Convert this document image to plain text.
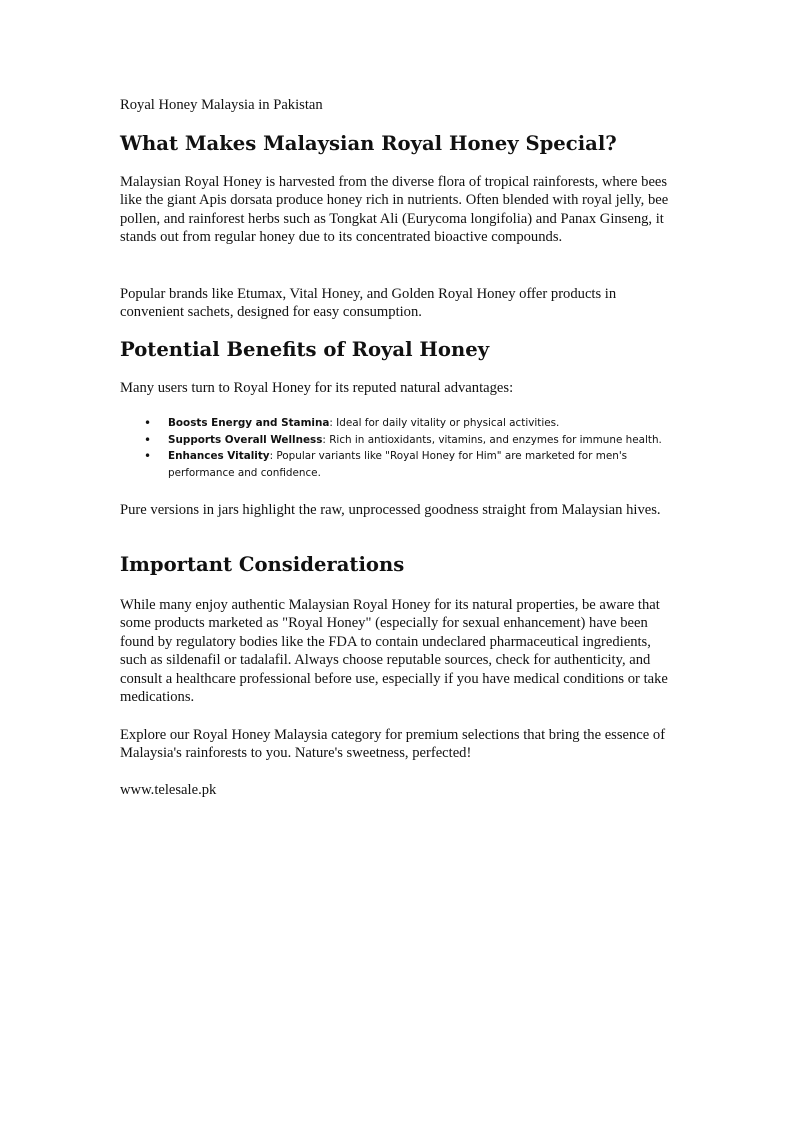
Royal Honey Malaysia in Pakistan

What Makes Malaysian Royal Honey Special?

Malaysian Royal Honey is harvested from the diverse flora of tropical rainforests, where bees like the giant Apis dorsata produce honey rich in nutrients. Often blended with royal jelly, bee pollen, and rainforest herbs such as Tongkat Ali (Eurycoma longifolia) and Panax Ginseng, it stands out from regular honey due to its concentrated bioactive compounds.

Popular brands like Etumax, Vital Honey, and Golden Royal Honey offer products in convenient sachets, designed for easy consumption.

Potential Benefits of Royal Honey

Many users turn to Royal Honey for its reputed natural advantages:

• Boosts Energy and Stamina: Ideal for daily vitality or physical activities.
• Supports Overall Wellness: Rich in antioxidants, vitamins, and enzymes for immune health.
• Enhances Vitality: Popular variants like "Royal Honey for Him" are marketed for men's performance and confidence.

Pure versions in jars highlight the raw, unprocessed goodness straight from Malaysian hives.

Important Considerations

While many enjoy authentic Malaysian Royal Honey for its natural properties, be aware that some products marketed as "Royal Honey" (especially for sexual enhancement) have been found by regulatory bodies like the FDA to contain undeclared pharmaceutical ingredients, such as sildenafil or tadalafil. Always choose reputable sources, check for authenticity, and consult a healthcare professional before use, especially if you have medical conditions or take medications.

Explore our Royal Honey Malaysia category for premium selections that bring the essence of Malaysia's rainforests to you. Nature's sweetness, perfected!

www.telesale.pk
